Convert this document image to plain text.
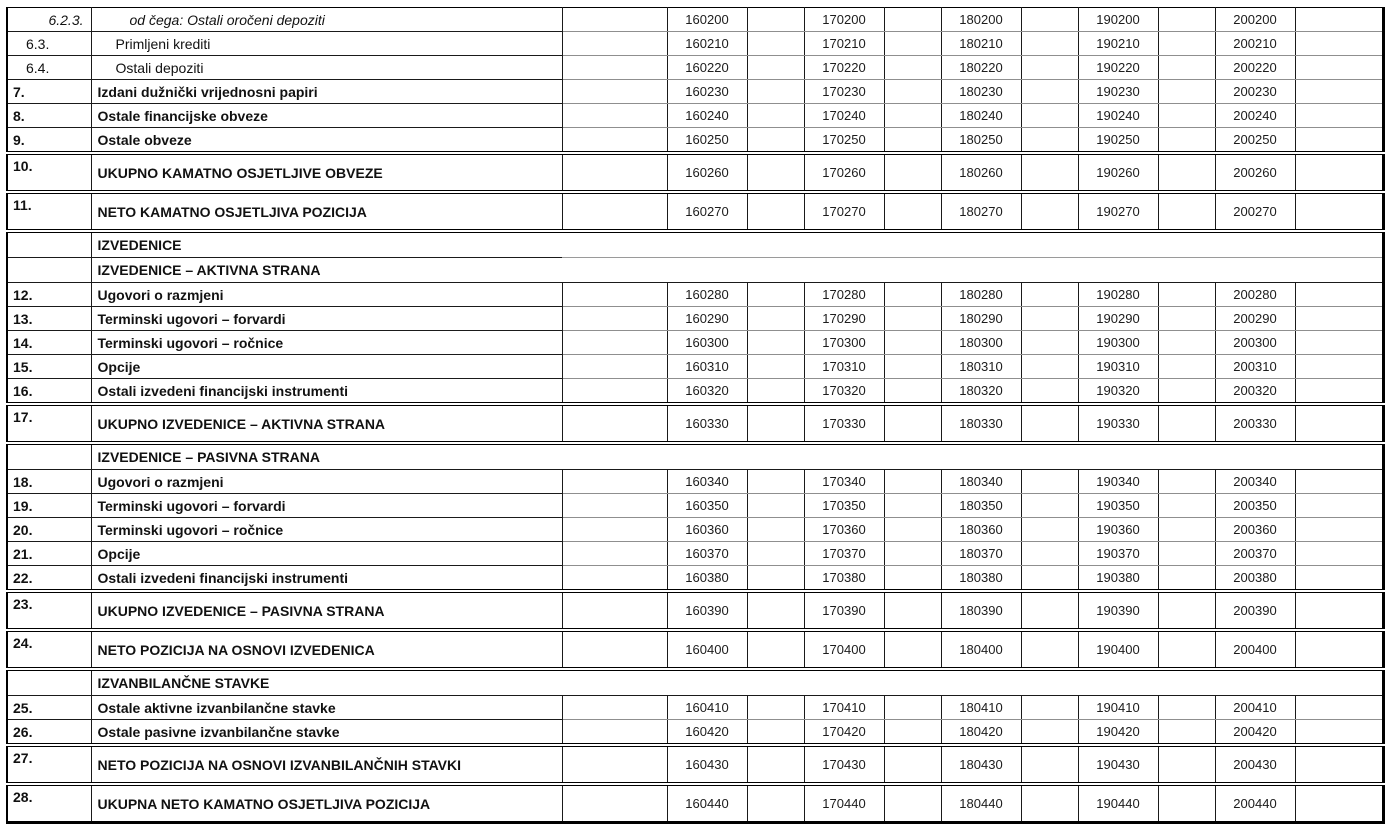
6.2.3.	od čega: Ostali oročeni depoziti		160200		170200		180200		190200		200200	
6.3.	Primljeni krediti		160210		170210		180210		190210		200210	
6.4.	Ostali depoziti		160220		170220		180220		190220		200220	
7.	Izdani dužnički vrijednosni papiri		160230		170230		180230		190230		200230	
8.	Ostale financijske obveze		160240		170240		180240		190240		200240	
9.	Ostale obveze		160250		170250		180250		190250		200250	
10.	UKUPNO KAMATNO OSJETLJIVE OBVEZE		160260		170260		180260		190260		200260	
11.	NETO KAMATNO OSJETLJIVA POZICIJA		160270		170270		180270		190270		200270	
	IZVEDENICE											
	IZVEDENICE – AKTIVNA STRANA											
12.	Ugovori o razmjeni		160280		170280		180280		190280		200280	
13.	Terminski ugovori – forvardi		160290		170290		180290		190290		200290	
14.	Terminski ugovori – ročnice		160300		170300		180300		190300		200300	
15.	Opcije		160310		170310		180310		190310		200310	
16.	Ostali izvedeni financijski instrumenti		160320		170320		180320		190320		200320	
17.	UKUPNO IZVEDENICE – AKTIVNA STRANA		160330		170330		180330		190330		200330	
	IZVEDENICE – PASIVNA STRANA											
18.	Ugovori o razmjeni		160340		170340		180340		190340		200340	
19.	Terminski ugovori – forvardi		160350		170350		180350		190350		200350	
20.	Terminski ugovori – ročnice		160360		170360		180360		190360		200360	
21.	Opcije		160370		170370		180370		190370		200370	
22.	Ostali izvedeni financijski instrumenti		160380		170380		180380		190380		200380	
23.	UKUPNO IZVEDENICE – PASIVNA STRANA		160390		170390		180390		190390		200390	
24.	NETO POZICIJA NA OSNOVI IZVEDENICA		160400		170400		180400		190400		200400	
	IZVANBILANČNE STAVKE											
25.	Ostale aktivne izvanbilančne stavke		160410		170410		180410		190410		200410	
26.	Ostale pasivne izvanbilančne stavke		160420		170420		180420		190420		200420	
27.	NETO POZICIJA NA OSNOVI IZVANBILANČNIH STAVKI		160430		170430		180430		190430		200430	
28.	UKUPNA NETO KAMATNO OSJETLJIVA POZICIJA		160440		170440		180440		190440		200440	
